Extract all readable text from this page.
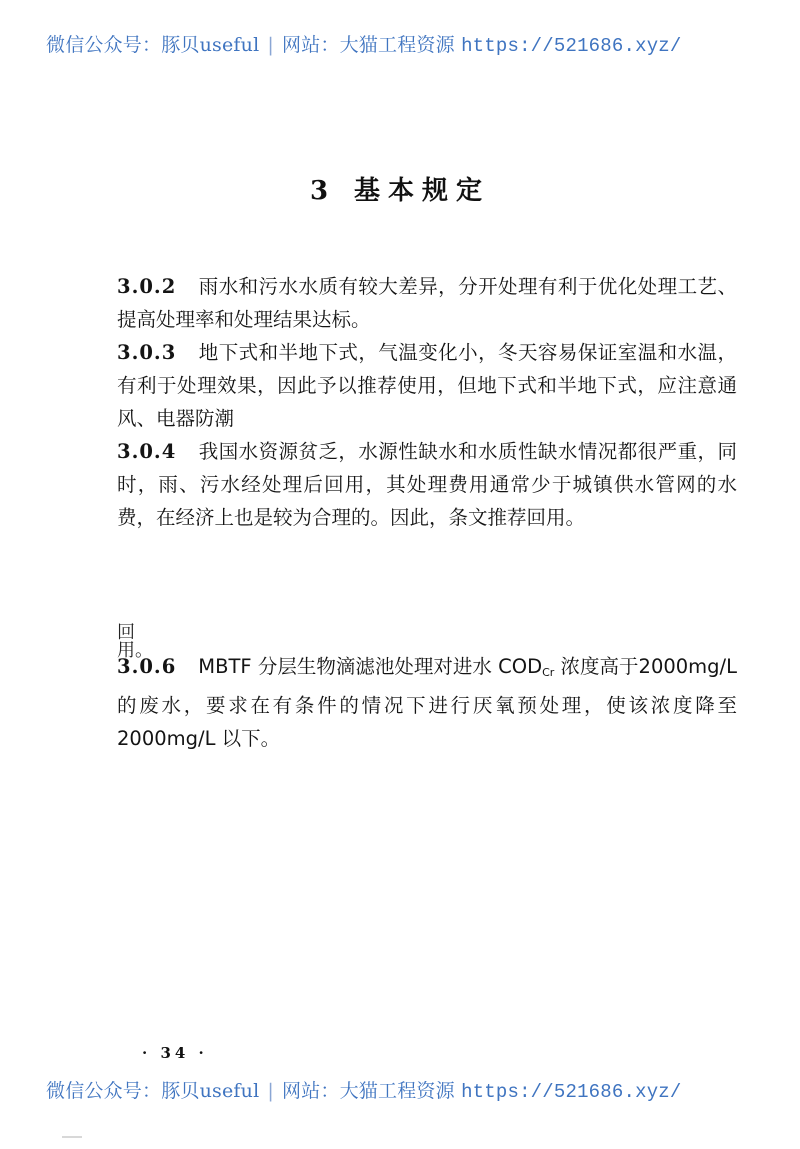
微信公众号：豚贝useful | 网站：大猫工程资源 https://521686.xyz/
3 基本规定

3.0.2 雨水和污水水质有较大差异，分开处理有利于优化处理工艺、提高处理率和处理结果达标。

3.0.3 地下式和半地下式，气温变化小，冬天容易保证室温和水温，有利于处理效果，因此予以推荐使用，但地下式和半地下式，应注意通风、电器防潮

3.0.4 我国水资源贫乏，水源性缺水和水质性缺水情况都很严重，同时，雨、污水经处理后回用，其处理费用通常少于城镇供水管网的水费，在经济上也是较为合理的。因此，条文推荐回用。

回用。

3.0.6 MBTF 分层生物滴滤池处理对进水 $COD_{Cr}$ 浓度高于2000mg/L 的废水，要求在有条件的情况下进行厌氧预处理，使该浓度降至 2000mg/L 以下。

· 34 ·
微信公众号：豚贝useful | 网站：大猫工程资源 https://521686.xyz/
